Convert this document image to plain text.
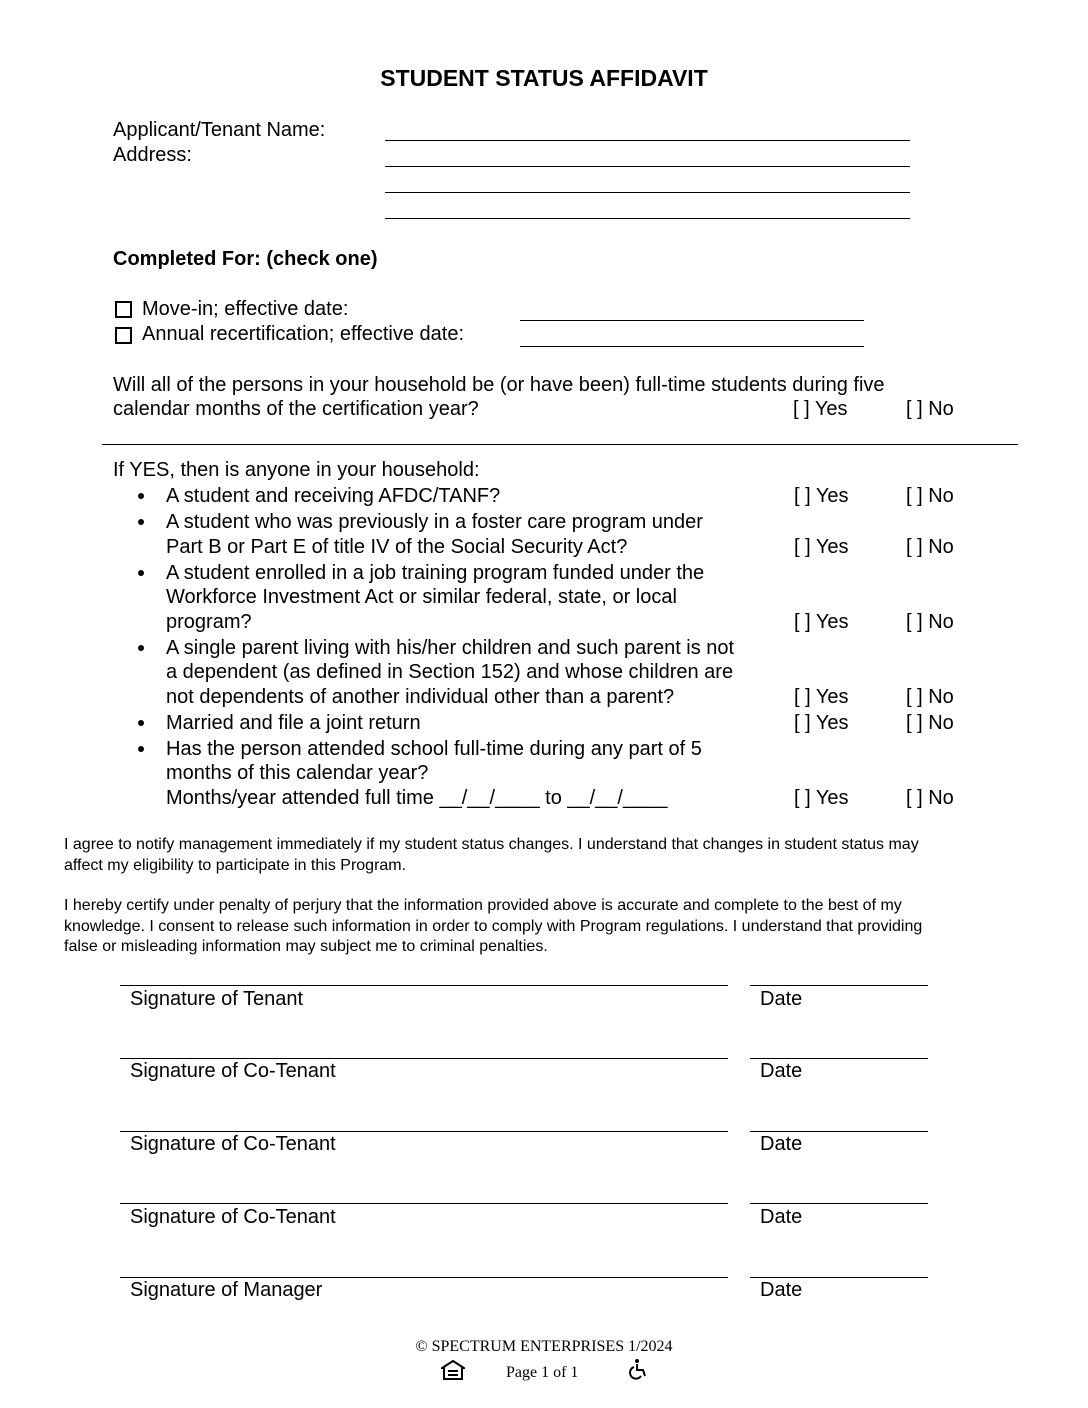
STUDENT STATUS AFFIDAVIT
Applicant/Tenant Name:
Address:
Completed For: (check one)
Move-in; effective date:
Annual recertification; effective date:
Will all of the persons in your household be (or have been) full-time students during five
calendar months of the certification year?	[ ] Yes	[ ] No
If YES, then is anyone in your household:
A student and receiving AFDC/TANF?	[ ] Yes	[ ] No
A student who was previously in a foster care program under
Part B or Part E of title IV of the Social Security Act?	[ ] Yes	[ ] No
A student enrolled in a job training program funded under the
Workforce Investment Act or similar federal, state, or local
program?	[ ] Yes	[ ] No
A single parent living with his/her children and such parent is not
a dependent (as defined in Section 152) and whose children are
not dependents of another individual other than a parent?	[ ] Yes	[ ] No
Married and file a joint return	[ ] Yes	[ ] No
Has the person attended school full-time during any part of 5
months of this calendar year?
Months/year attended full time __/__/____ to __/__/____	[ ] Yes	[ ] No
I agree to notify management immediately if my student status changes. I understand that changes in student status may
affect my eligibility to participate in this Program.
I hereby certify under penalty of perjury that the information provided above is accurate and complete to the best of my
knowledge. I consent to release such information in order to comply with Program regulations. I understand that providing
false or misleading information may subject me to criminal penalties.
Signature of Tenant	Date
Signature of Co-Tenant	Date
Signature of Co-Tenant	Date
Signature of Co-Tenant	Date
Signature of Manager	Date
© SPECTRUM ENTERPRISES 1/2024
Page 1 of 1
